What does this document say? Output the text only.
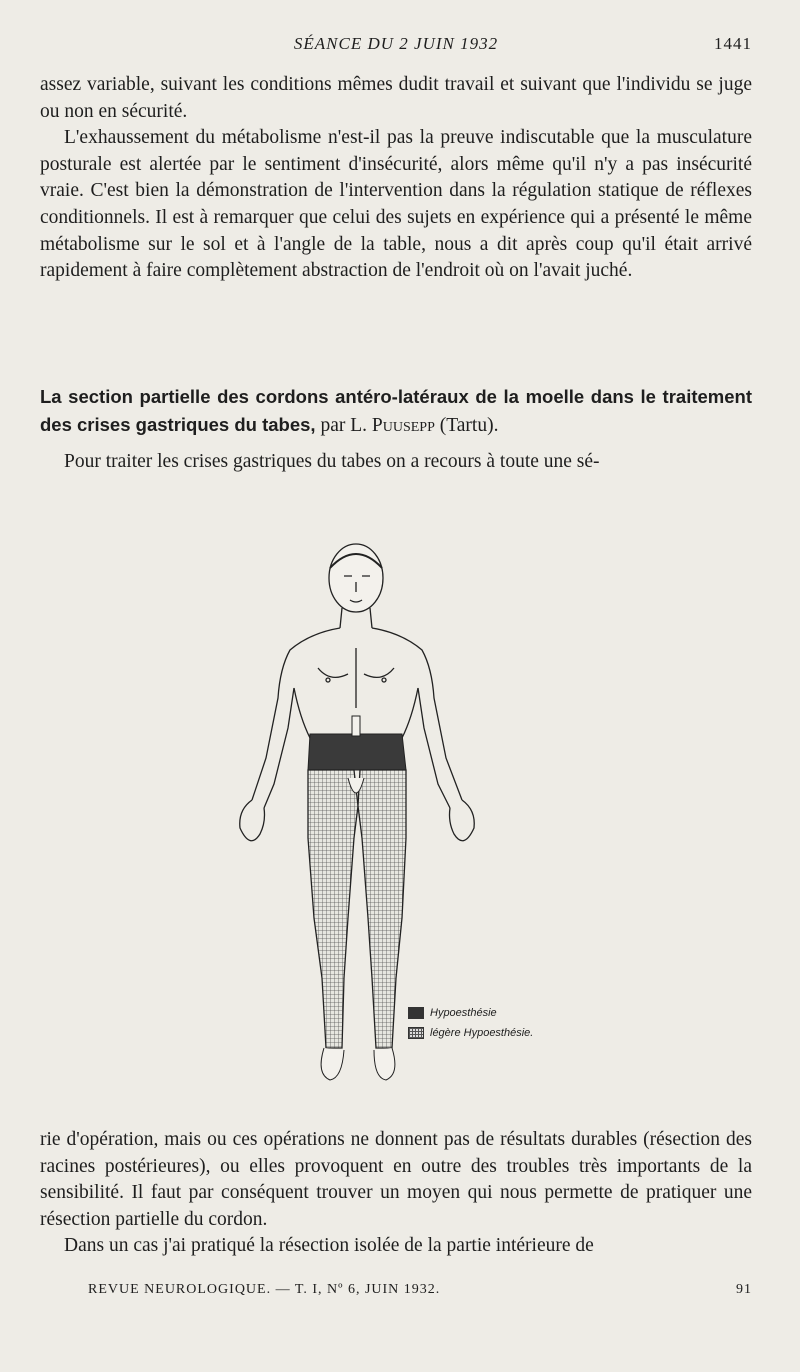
SÉANCE DU 2 JUIN 1932	1441

assez variable, suivant les conditions mêmes dudit travail et suivant que l'individu se juge ou non en sécurité.

L'exhaussement du métabolisme n'est-il pas la preuve indiscutable que la musculature posturale est alertée par le sentiment d'insécurité, alors même qu'il n'y a pas insécurité vraie. C'est bien la démonstration de l'intervention dans la régulation statique de réflexes conditionnels. Il est à remarquer que celui des sujets en expérience qui a présenté le même métabolisme sur le sol et à l'angle de la table, nous a dit après coup qu'il était arrivé rapidement à faire complètement abstraction de l'endroit où on l'avait juché.

La section partielle des cordons antéro-latéraux de la moelle dans le traitement des crises gastriques du tabes, par L. Puusepp (Tartu).

Pour traiter les crises gastriques du tabes on a recours à toute une sé-

Hypoesthésie
légère Hypoesthésie.

rie d'opération, mais ou ces opérations ne donnent pas de résultats durables (résection des racines postérieures), ou elles provoquent en outre des troubles très importants de la sensibilité. Il faut par conséquent trouver un moyen qui nous permette de pratiquer une résection partielle du cordon.

Dans un cas j'ai pratiqué la résection isolée de la partie intérieure de

REVUE NEUROLOGIQUE. — T. I, Nº 6, JUIN 1932.	91
